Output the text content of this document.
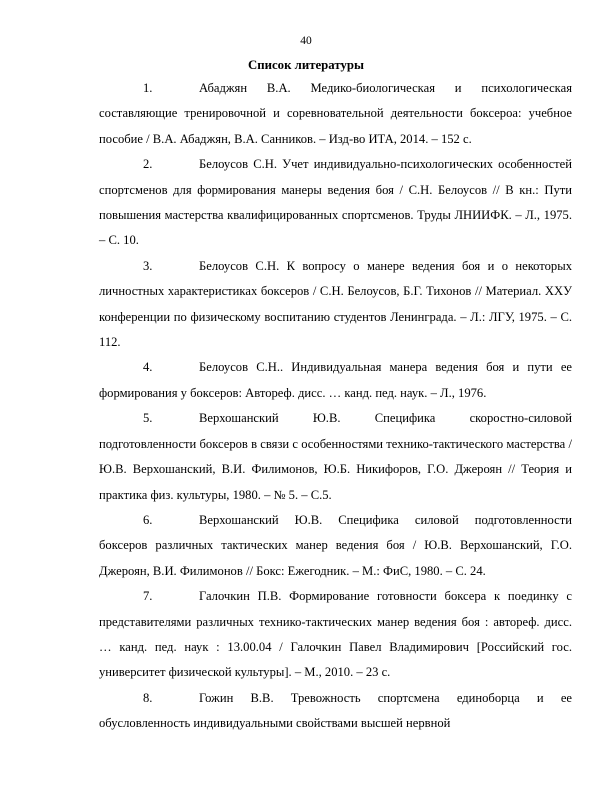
40
Список литературы

1.	Абаджян В.А. Медико-биологическая и психологическая составляющие тренировочной и соревновательной деятельности боксероа: учебное пособие / В.А. Абаджян, В.А. Санников. – Изд-во ИТА, 2014. – 152 с.

2.	Белоусов С.Н. Учет индивидуально-психологических особенностей спортсменов для формирования манеры ведения боя / С.Н. Белоусов // В кн.: Пути повышения мастерства квалифицированных спортсменов. Труды ЛНИИФК. – Л., 1975. – С. 10.

3.	Белоусов С.Н. К вопросу о манере ведения боя и о некоторых личностных характеристиках боксеров / С.Н. Белоусов, Б.Г. Тихонов // Материал. ХХУ конференции по физическому воспитанию студентов Ленинграда. – Л.: ЛГУ, 1975. – С. 112.

4.	Белоусов С.Н.. Индивидуальная манера ведения боя и пути ее формирования у боксеров: Автореф. дисс. … канд. пед. наук. – Л., 1976.

5.	Верхошанский Ю.В. Специфика скоростно-силовой подготовленности боксеров в связи с особенностями технико-тактического мастерства / Ю.В. Верхошанский, В.И. Филимонов, Ю.Б. Никифоров, Г.О. Джероян // Теория и практика физ. культуры, 1980. – № 5. – С.5.

6.	Верхошанский Ю.В. Специфика силовой подготовленности боксеров различных тактических манер ведения боя / Ю.В. Верхошанский, Г.О. Джероян, В.И. Филимонов // Бокс: Ежегодник. – М.: ФиС, 1980. – С. 24.

7.	Галочкин П.В. Формирование готовности боксера к поединку с представителями различных технико-тактических манер ведения боя : автореф. дисс. … канд. пед. наук : 13.00.04 / Галочкин Павел Владимирович [Российский гос. университет физической культуры]. – М., 2010. – 23 с.

8.	Гожин В.В. Тревожность спортсмена единоборца и ее обусловленность индивидуальными свойствами высшей нервной
